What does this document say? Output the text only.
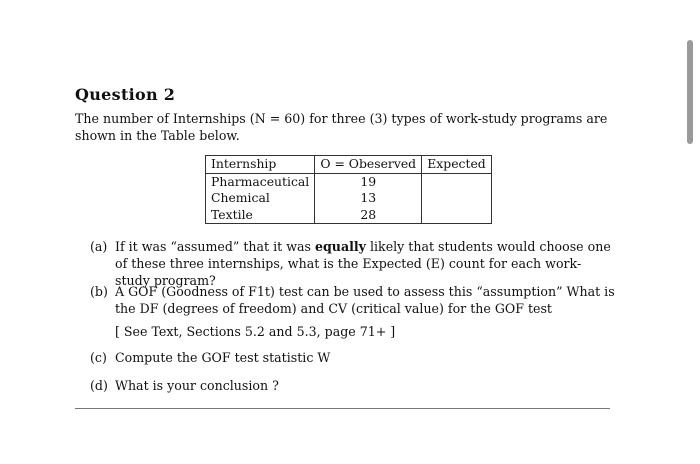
Question 2
The number of Internships (N = 60) for three (3) types of work-study programs are shown in the Table below.
Internship	O = Obeserved	Expected
Pharmaceutical	19	
Chemical	13	
Textile	28	
(a) If it was “assumed” that it was equally likely that students would choose one of these three internships, what is the Expected (E) count for each work-study program?
(b) A GOF (Goodness of F1t) test can be used to assess this “assumption” What is the DF (degrees of freedom) and CV (critical value) for the GOF test
[ See Text, Sections 5.2 and 5.3, page 71+ ]
(c) Compute the GOF test statistic W
(d) What is your conclusion ?
